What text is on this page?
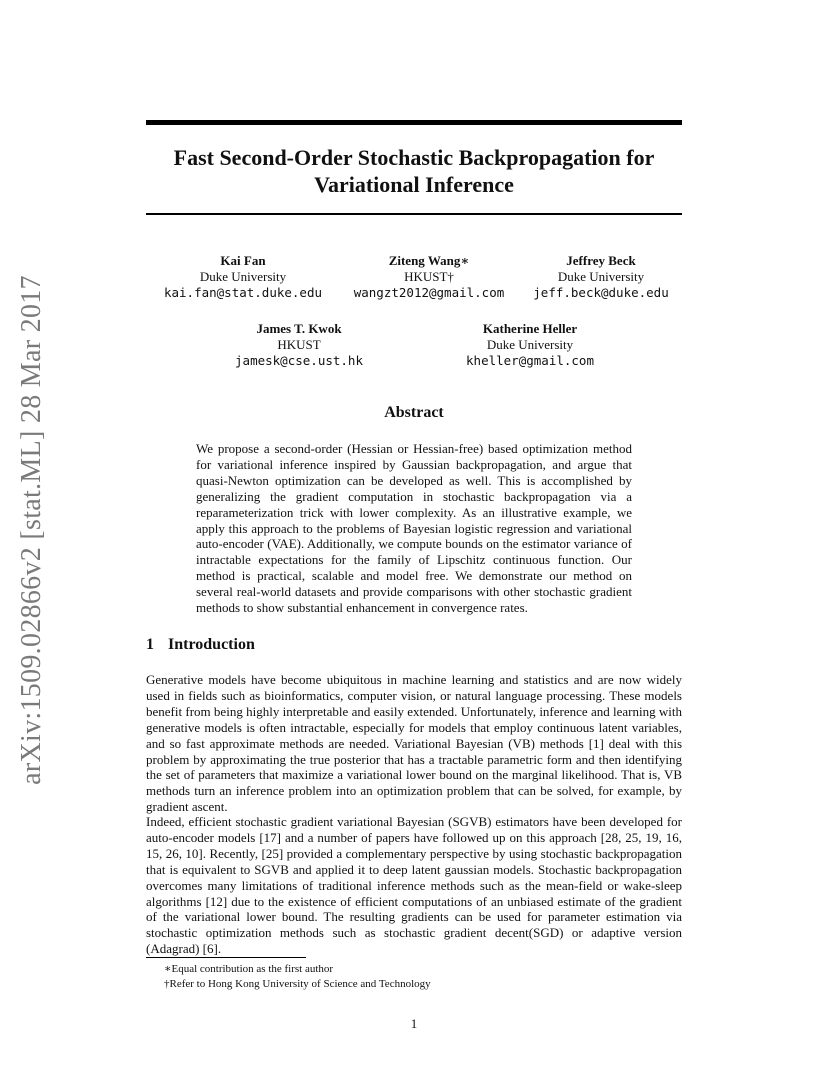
arXiv:1509.02866v2 [stat.ML] 28 Mar 2017
Fast Second-Order Stochastic Backpropagation for
Variational Inference
Kai Fan
Duke University
kai.fan@stat.duke.edu
Ziteng Wang∗
HKUST†
wangzt2012@gmail.com
Jeffrey Beck
Duke University
jeff.beck@duke.edu
James T. Kwok
HKUST
jamesk@cse.ust.hk
Katherine Heller
Duke University
kheller@gmail.com
Abstract
We propose a second-order (Hessian or Hessian-free) based optimization method for variational inference inspired by Gaussian backpropagation, and argue that quasi-Newton optimization can be developed as well. This is accomplished by generalizing the gradient computation in stochastic backpropagation via a reparameterization trick with lower complexity. As an illustrative example, we apply this approach to the problems of Bayesian logistic regression and variational auto-encoder (VAE). Additionally, we compute bounds on the estimator variance of intractable expectations for the family of Lipschitz continuous function. Our method is practical, scalable and model free. We demonstrate our method on several real-world datasets and provide comparisons with other stochastic gradient methods to show substantial enhancement in convergence rates.
1 Introduction
Generative models have become ubiquitous in machine learning and statistics and are now widely used in fields such as bioinformatics, computer vision, or natural language processing. These models benefit from being highly interpretable and easily extended. Unfortunately, inference and learning with generative models is often intractable, especially for models that employ continuous latent variables, and so fast approximate methods are needed. Variational Bayesian (VB) methods [1] deal with this problem by approximating the true posterior that has a tractable parametric form and then identifying the set of parameters that maximize a variational lower bound on the marginal likelihood. That is, VB methods turn an inference problem into an optimization problem that can be solved, for example, by gradient ascent.
Indeed, efficient stochastic gradient variational Bayesian (SGVB) estimators have been developed for auto-encoder models [17] and a number of papers have followed up on this approach [28, 25, 19, 16, 15, 26, 10]. Recently, [25] provided a complementary perspective by using stochastic backpropagation that is equivalent to SGVB and applied it to deep latent gaussian models. Stochastic backpropagation overcomes many limitations of traditional inference methods such as the mean-field or wake-sleep algorithms [12] due to the existence of efficient computations of an unbiased estimate of the gradient of the variational lower bound. The resulting gradients can be used for parameter estimation via stochastic optimization methods such as stochastic gradient decent(SGD) or adaptive version (Adagrad) [6].
∗Equal contribution as the first author
†Refer to Hong Kong University of Science and Technology
1
